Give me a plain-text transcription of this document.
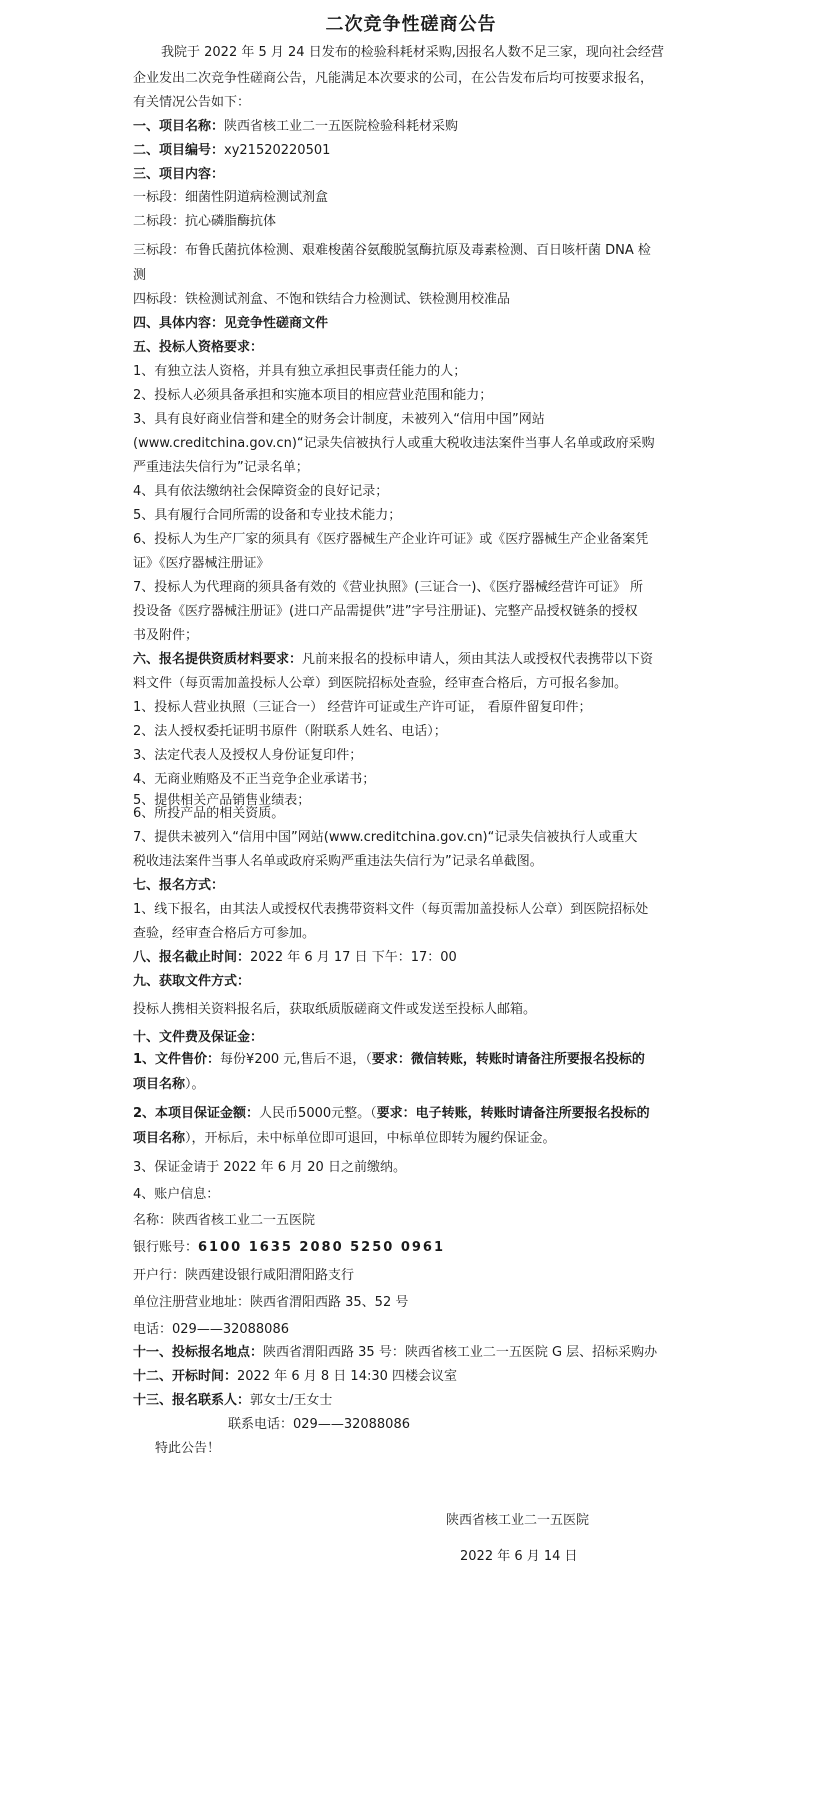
二次竞争性磋商公告
我院于 2022 年 5 月 24 日发布的检验科耗材采购,因报名人数不足三家，现向社会经营
企业发出二次竞争性磋商公告，凡能满足本次要求的公司，在公告发布后均可按要求报名，
有关情况公告如下：
一、项目名称：陕西省核工业二一五医院检验科耗材采购
二、项目编号：xy21520220501
三、项目内容：
一标段：细菌性阴道病检测试剂盒
二标段：抗心磷脂酶抗体
三标段：布鲁氏菌抗体检测、艰难梭菌谷氨酸脱氢酶抗原及毒素检测、百日咳杆菌 DNA 检
测
四标段：铁检测试剂盒、不饱和铁结合力检测试、铁检测用校准品
四、具体内容：见竞争性磋商文件
五、投标人资格要求：
1、有独立法人资格，并具有独立承担民事责任能力的人；
2、投标人必须具备承担和实施本项目的相应营业范围和能力；
3、具有良好商业信誉和建全的财务会计制度，未被列入“信用中国”网站
(www.creditchina.gov.cn)“记录失信被执行人或重大税收违法案件当事人名单或政府采购
严重违法失信行为”记录名单；
4、具有依法缴纳社会保障资金的良好记录；
5、具有履行合同所需的设备和专业技术能力；
6、投标人为生产厂家的须具有《医疗器械生产企业许可证》或《医疗器械生产企业备案凭
证》《医疗器械注册证》
7、投标人为代理商的须具备有效的《营业执照》(三证合一)、《医疗器械经营许可证》 所
投设备《医疗器械注册证》(进口产品需提供”进”字号注册证)、完整产品授权链条的授权
书及附件；
六、报名提供资质材料要求：凡前来报名的投标申请人，须由其法人或授权代表携带以下资
料文件（每页需加盖投标人公章）到医院招标处查验，经审查合格后，方可报名参加。
1、投标人营业执照（三证合一） 经营许可证或生产许可证， 看原件留复印件；
2、法人授权委托证明书原件（附联系人姓名、电话）；
3、法定代表人及授权人身份证复印件；
4、无商业贿赂及不正当竞争企业承诺书；
5、提供相关产品销售业绩表；
6、所投产品的相关资质。
7、提供未被列入“信用中国”网站(www.creditchina.gov.cn)“记录失信被执行人或重大
税收违法案件当事人名单或政府采购严重违法失信行为”记录名单截图。
七、报名方式：
1、线下报名，由其法人或授权代表携带资料文件（每页需加盖投标人公章）到医院招标处
查验，经审查合格后方可参加。
八、报名截止时间：2022 年 6 月 17 日 下午：17：00
九、获取文件方式：
投标人携相关资料报名后，获取纸质版磋商文件或发送至投标人邮箱。
十、文件费及保证金：
1、文件售价：每份¥200 元,售后不退，（要求：微信转账，转账时请备注所要报名投标的
项目名称）。
2、本项目保证金额：人民币5000元整。（要求：电子转账，转账时请备注所要报名投标的
项目名称），开标后，未中标单位即可退回，中标单位即转为履约保证金。
3、保证金请于 2022 年 6 月 20 日之前缴纳。
4、账户信息：
名称：陕西省核工业二一五医院
银行账号：6100 1635 2080 5250 0961
开户行：陕西建设银行咸阳渭阳路支行
单位注册营业地址：陕西省渭阳西路 35、52 号
电话：029——32088086
十一、投标报名地点：陕西省渭阳西路 35 号：陕西省核工业二一五医院 G 层、招标采购办
十二、开标时间：2022 年 6 月 8 日 14:30 四楼会议室
十三、报名联系人：郭女士/王女士
联系电话：029——32088086
特此公告！
陕西省核工业二一五医院
2022 年 6 月 14 日
